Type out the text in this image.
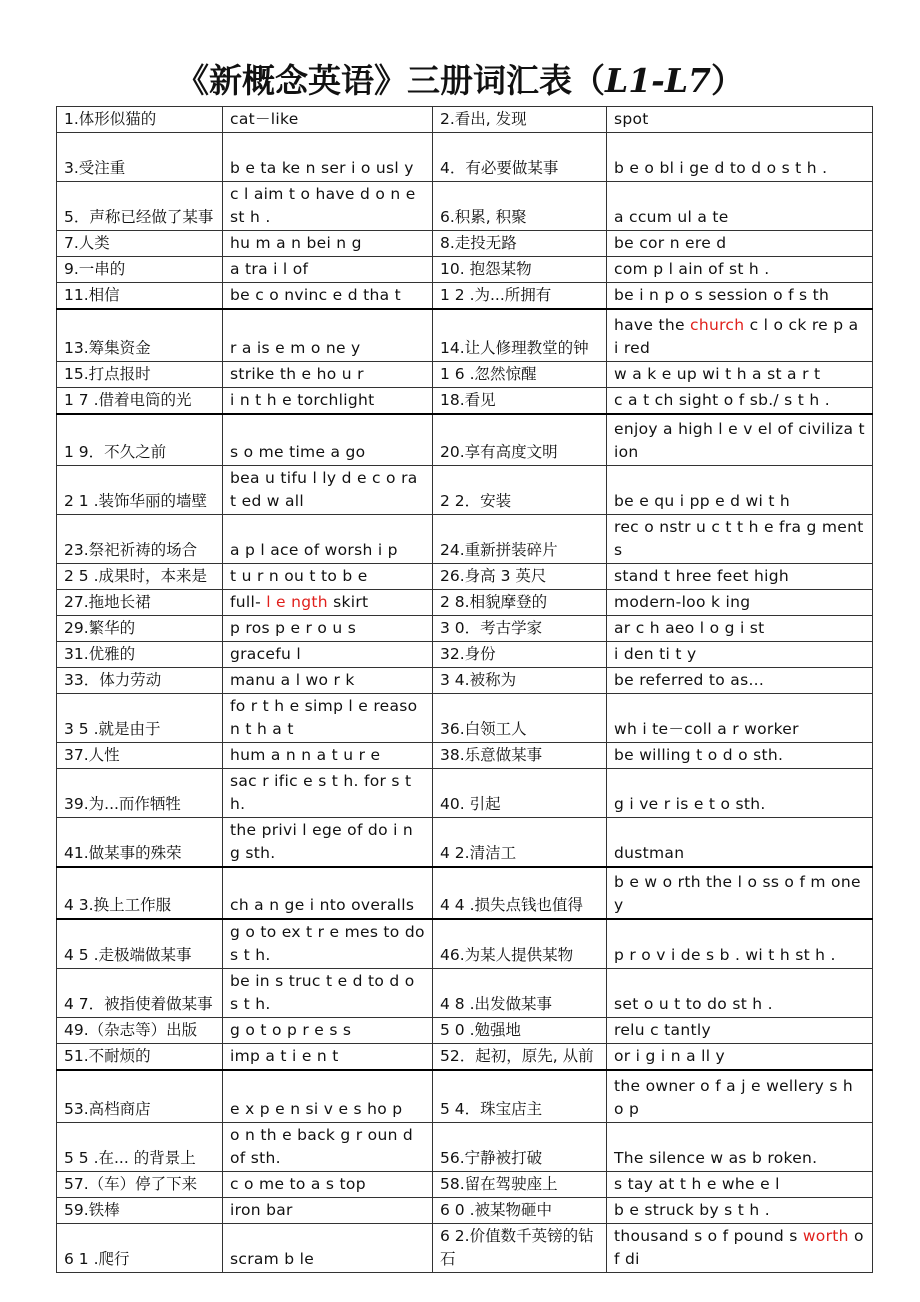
《新概念英语》三册词汇表（L1-L7）
1.体形似猫的	cat－like	2.看出, 发现	spot
3.受注重	b e ta ke n ser i o usl y	4．有必要做某事	b e o bl i ge d to d o s t h .
5．声称已经做了某事	c l aim t o have d o n e st h .	6.积累, 积聚	a ccum ul a te
7.人类	hu m a n bei n g	8.走投无路	be cor n ere d
9.一串的	a tra i l of	10. 抱怨某物	com p l ain of st h .
11.相信	be c o nvinc e d tha t	1 2 .为...所拥有	be i n p o s session o f s th
13.筹集资金	r a is e m o ne y	14.让人修理教堂的钟	have the church c l o ck re p a i red
15.打点报时	strike th e ho u r	1 6 .忽然惊醒	w a k e up wi t h a st a r t
1 7 .借着电筒的光	i n t h e torchlight	18.看见	c a t ch sight o f sb./ s t h .
1 9．不久之前	s o me time a go	20.享有高度文明	enjoy a high l e v el of civiliza t ion
2 1 .装饰华丽的墙壁	bea u tifu l ly d e c o ra t ed w all	2 2．安装	be e qu i pp e d wi t h
23.祭祀祈祷的场合	a p l ace of worsh i p	24.重新拼装碎片	rec o nstr u c t t h e fra g ment s
2 5 .成果时，本来是	t u r n ou t to b e	26.身高 3 英尺	stand t hree feet high
27.拖地长裙	full- l e ngth skirt	2 8.相貌摩登的	modern-loo k ing
29.繁华的	p ros p e r o u s	3 0．考古学家	ar c h aeo l o g i st
31.优雅的	gracefu l	32.身份	i den ti t y
33．体力劳动	manu a l wo r k	3 4.被称为	be referred to as...
3 5 .就是由于	fo r t h e simp l e reason t h a t	36.白领工人	wh i te－coll a r worker
37.人性	hum a n n a t u r e	38.乐意做某事	be willing t o d o sth.
39.为...而作牺牲	sac r ific e s t h. for s th.	40. 引起	g i ve r is e t o sth.
41.做某事的殊荣	the privi l ege of do i n g sth.	4 2.清洁工	dustman
4 3.换上工作服	ch a n ge i nto overalls	4 4 .损失点钱也值得	b e w o rth the l o ss o f m one y
4 5 .走极端做某事	g o to ex t r e mes to do s t h.	46.为某人提供某物	p r o v i de s b . wi t h st h .
4 7．被指使着做某事	be in s truc t e d to d o s t h.	4 8 .出发做某事	set o u t to do st h .
49.（杂志等）出版	g o t o p r e s s	5 0 .勉强地	relu c tantly
51.不耐烦的	imp a t i e n t	52．起初，原先, 从前	or i g i n a ll y
53.高档商店	e x p e n si v e s ho p	5 4．珠宝店主	the owner o f a j e wellery s h o p
5 5 .在... 的背景上	o n th e back g r oun d of sth.	56.宁静被打破	The silence w as b roken.
57.（车）停了下来	c o me to a s top	58.留在驾驶座上	s tay at t h e whe e l
59.铁棒	iron bar	6 0 .被某物砸中	b e struck by s t h .
6 1 .爬行	scram b le	6 2.价值数千英镑的钻石	thousand s o f pound s worth of di
